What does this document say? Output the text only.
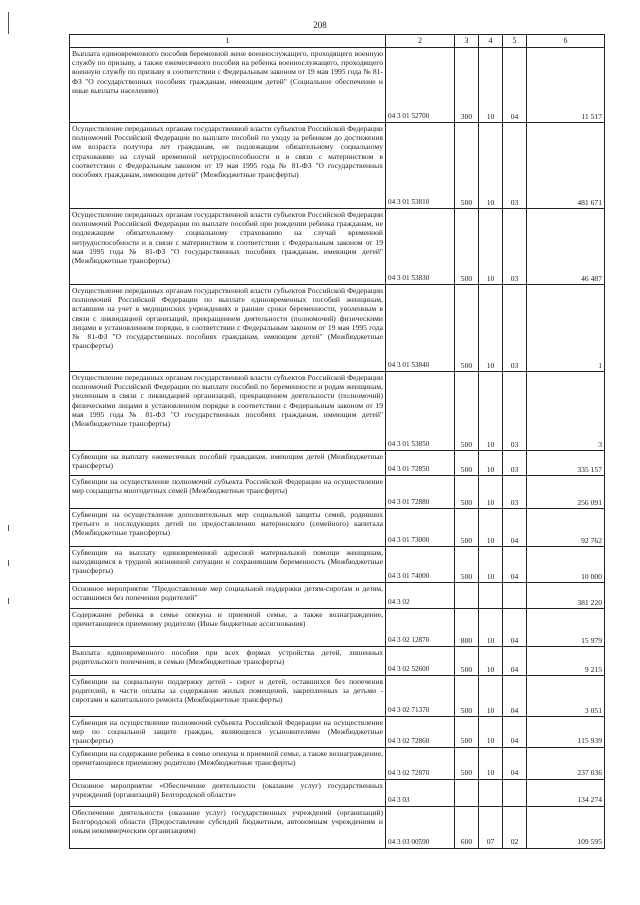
208
1	2	3	4	5	6
Выплата единовременного пособия беременной жене военнослужащего, проходящего военную службу по призыву, а также ежемесячного пособия на ребенка военнослужащего, проходящего военную службу по призыву в соответствии с Федеральным законом от 19 мая 1995 года № 81-ФЗ "О государственных пособиях гражданам, имеющим детей" (Социальное обеспечение и иные выплаты населению)	04 3 01 52700	300	10	04	11 517
Осуществление переданных органам государственной власти субъектов Российской Федерации полномочий Российской Федерации по выплате пособий по уходу за ребенком до достижения им возраста полутора лет гражданам, не подлежащим обязательному социальному страхованию на случай временной нетрудоспособности и в связи с материнством в соответствии с Федеральным законом от 19 мая 1995 года № 81-ФЗ "О государственных пособиях гражданам, имеющим детей" (Межбюджетные трансферты)	04 3 01 53810	500	10	03	481 671
Осуществление переданных органам государственной власти субъектов Российской Федерации полномочий Российской Федерации по выплате пособий при рождении ребенка гражданам, не подлежащим обязательному социальному страхованию на случай временной нетрудоспособности и в связи с материнством в соответствии с Федеральным законом от 19 мая 1995 года № 81-ФЗ "О государственных пособиях гражданам, имеющим детей" (Межбюджетные трансферты)	04 3 01 53830	500	10	03	46 487
Осуществление переданных органам государственной власти субъектов Российской Федерации полномочий Российской Федерации по выплате единовременных пособий женщинам, вставшим на учет в медицинских учреждениях в ранние сроки беременности, уволенным в связи с ликвидацией организаций, прекращением деятельности (полномочий) физическими лицами в установленном порядке, в соответствии с Федеральным законом от 19 мая 1995 года № 81-ФЗ "О государственных пособиях гражданам, имеющим детей" (Межбюджетные трансферты)	04 3 01 53840	500	10	03	1
Осуществление переданных органам государственной власти субъектов Российской Федерации полномочий Российской Федерации по выплате пособий по беременности и родам женщинам, уволенным в связи с ликвидацией организаций, прекращением деятельности (полномочий) физическими лицами в установленном порядке в соответствии с Федеральным законом от 19 мая 1995 года № 81-ФЗ "О государственных пособиях гражданам, имеющим детей" (Межбюджетные трансферты)	04 3 01 53850	500	10	03	3
Субвенции на выплату ежемесячных пособий гражданам, имеющим детей (Межбюджетные трансферты)	04 3 01 72850	500	10	03	335 157
Субвенции на осуществление полномочий субъекта Российской Федерации на осуществление мер соцзащиты многодетных семей (Межбюджетные трансферты)	04 3 01 72880	500	10	03	256 091
Субвенции на осуществление дополнительных мер социальной защиты семей, родивших третьего и последующих детей по предоставлению материнского (семейного) капитала (Межбюджетные трансферты)	04 3 01 73000	500	10	04	92 762
Субвенции на выплату единовременной адресной материальной помощи женщинам, находящимся в трудной жизненной ситуации и сохранившим беременность (Межбюджетные трансферты)	04 3 01 74000	500	10	04	10 000
Основное мероприятие "Предоставление мер социальной поддержки детям-сиротам и детям, оставшимся без попечения родителей"	04 3 02				381 220
Содержание ребенка в семье опекуна и приемной семье, а также вознаграждение, причитающееся приемному родителю (Иные бюджетные ассигнования)	04 3 02 12870	800	10	04	15 979
Выплата единовременного пособия при всех формах устройства детей, лишенных родительского попечения, в семью (Межбюджетные трансферты)	04 3 02 52600	500	10	04	9 215
Субвенции на социальную поддержку детей - сирот и детей, оставшихся без попечения родителей, в части оплаты за содержание жилых помещений, закрепленных за детьми - сиротами и капитального ремонта (Межбюджетные трансферты)	04 3 02 71370	500	10	04	3 051
Субвенция на осуществление полномочий субъекта Российской Федерации на осуществление мер по социальной защите граждан, являющихся усыновителями (Межбюджетные трансферты)	04 3 02 72860	500	10	04	115 939
Субвенции на содержание ребенка в семье опекуна и приемной семье, а также вознаграждение, причитающееся приемному родителю (Межбюджетные трансферты)	04 3 02 72870	500	10	04	237 036
Основное мероприятие «Обеспечение деятельности (оказание услуг) государственных учреждений (организаций) Белгородской области»	04 3 03				134 274
Обеспечение деятельности (оказание услуг) государственных учреждений (организаций) Белгородской области (Предоставление субсидий бюджетным, автономным учреждениям и иным некоммерческим организациям)	04 3 03 00590	600	07	02	109 595
